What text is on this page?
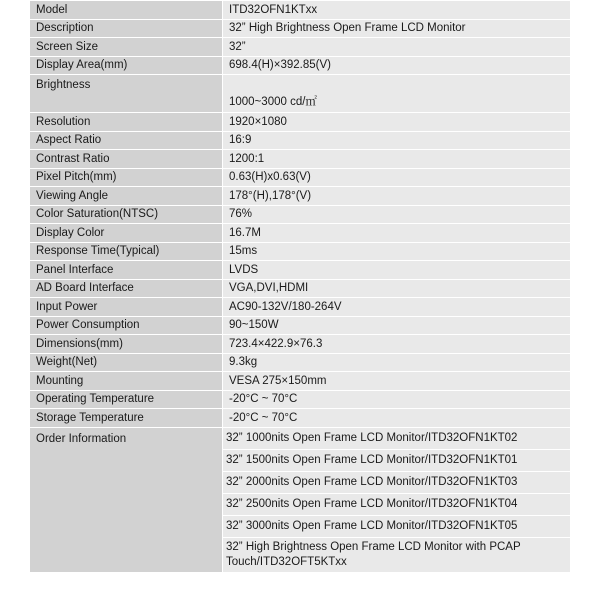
Model	ITD32OFN1KTxx
Description	32” High Brightness Open Frame LCD Monitor
Screen Size	32”
Display Area(mm)	698.4(H)×392.85(V)
Brightness	1000~3000 cd/㎡
Resolution	1920×1080
Aspect Ratio	16:9
Contrast Ratio	1200:1
Pixel Pitch(mm)	0.63(H)x0.63(V)
Viewing Angle	178°(H),178°(V)
Color Saturation(NTSC)	76%
Display Color	16.7M
Response Time(Typical)	15ms
Panel Interface	LVDS
AD Board Interface	VGA,DVI,HDMI
Input Power	AC90-132V/180-264V
Power Consumption	90~150W
Dimensions(mm)	723.4×422.9×76.3
Weight(Net)	9.3kg
Mounting	VESA 275×150mm
Operating Temperature	-20°C ~ 70°C
Storage Temperature	-20°C ~ 70°C
Order Information	32” 1000nits Open Frame LCD Monitor/ITD32OFN1KT02
	32” 1500nits Open Frame LCD Monitor/ITD32OFN1KT01
	32” 2000nits Open Frame LCD Monitor/ITD32OFN1KT03
	32” 2500nits Open Frame LCD Monitor/ITD32OFN1KT04
	32” 3000nits Open Frame LCD Monitor/ITD32OFN1KT05
	32” High Brightness Open Frame LCD Monitor with PCAP Touch/ITD32OFT5KTxx
